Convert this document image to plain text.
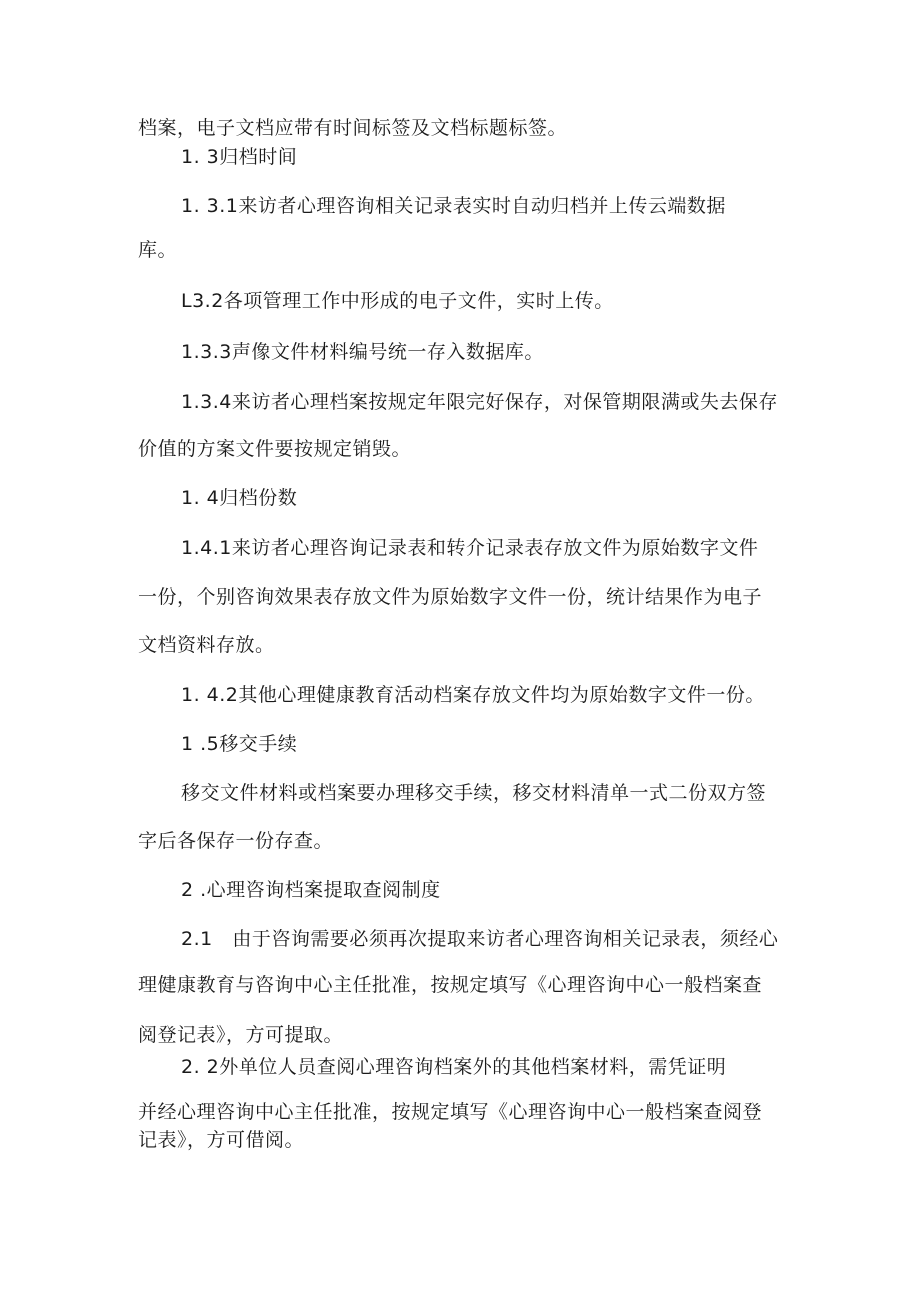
档案，电子文档应带有时间标签及文档标题标签。
1. 3归档时间
1. 3.1来访者心理咨询相关记录表实时自动归档并上传云端数据
库。
L3.2各项管理工作中形成的电子文件，实时上传。
1.3.3声像文件材料编号统一存入数据库。
1.3.4来访者心理档案按规定年限完好保存，对保管期限满或失去保存
价值的方案文件要按规定销毁。
1. 4归档份数
1.4.1来访者心理咨询记录表和转介记录表存放文件为原始数字文件
一份，个别咨询效果表存放文件为原始数字文件一份，统计结果作为电子
文档资料存放。
1. 4.2其他心理健康教育活动档案存放文件均为原始数字文件一份。
1 .5移交手续
移交文件材料或档案要办理移交手续，移交材料清单一式二份双方签
字后各保存一份存查。
2 .心理咨询档案提取查阅制度
2.1   由于咨询需要必须再次提取来访者心理咨询相关记录表，须经心
理健康教育与咨询中心主任批准，按规定填写《心理咨询中心一般档案查
阅登记表》，方可提取。
2. 2外单位人员查阅心理咨询档案外的其他档案材料，需凭证明
并经心理咨询中心主任批准，按规定填写《心理咨询中心一般档案查阅登
记表》，方可借阅。
